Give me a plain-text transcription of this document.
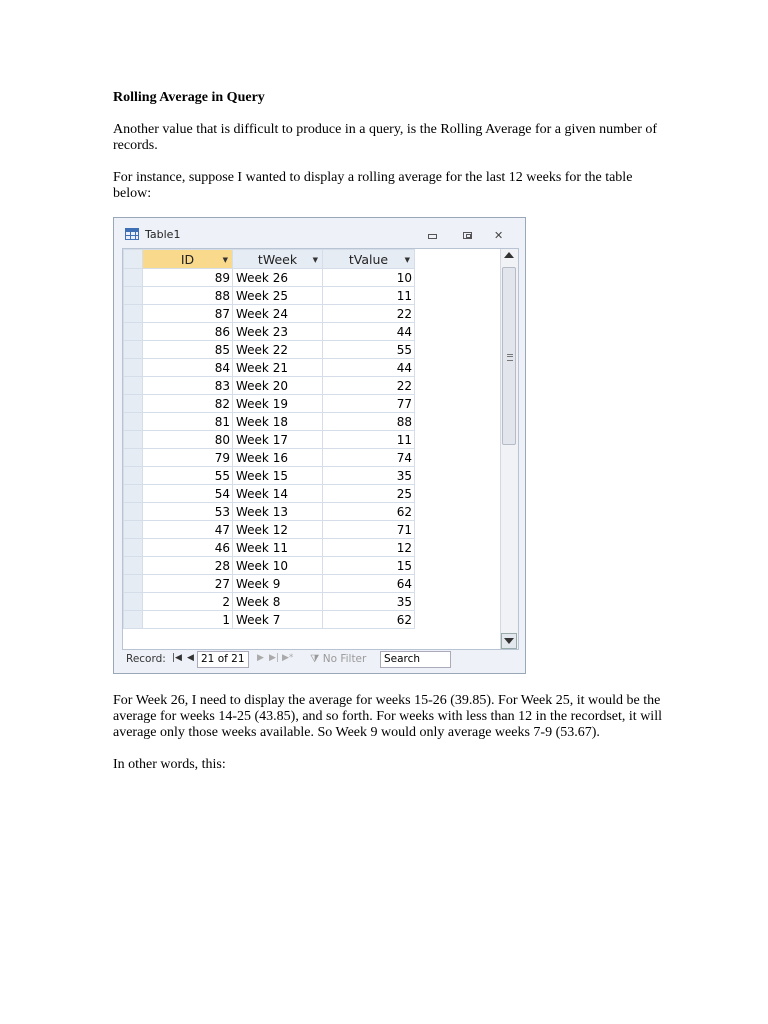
Rolling Average in Query
Another value that is difficult to produce in a query, is the Rolling Average for a given number of records.
For instance, suppose I wanted to display a rolling average for the last 12 weeks for the table below:
For Week 26, I need to display the average for weeks 15-26 (39.85). For Week 25, it would be the average for weeks 14-25 (43.85), and so forth. For weeks with less than 12 in the recordset, it will average only those weeks available. So Week 9 would only average weeks 7-9 (53.67).
In other words, this:
Table1	✕
	ID ▼	tWeek ▼	tValue ▼	

	89	Week 26	10	
	88	Week 25	11	
	87	Week 24	22	
	86	Week 23	44	
	85	Week 22	55	
	84	Week 21	44	
	83	Week 20	22	
	82	Week 19	77	
	81	Week 18	88	
	80	Week 17	11	
	79	Week 16	74	
	55	Week 15	35	
	54	Week 14	25	
	53	Week 13	62	
	47	Week 12	71	
	46	Week 11	12	
	28	Week 10	15	
	27	Week 9	64	
	2	Week 8	35	
	1	Week 7	62	
Record: |◀ ◀ 21 of 21	▶ ▶| ▶* ⧩ No Filter	Search
